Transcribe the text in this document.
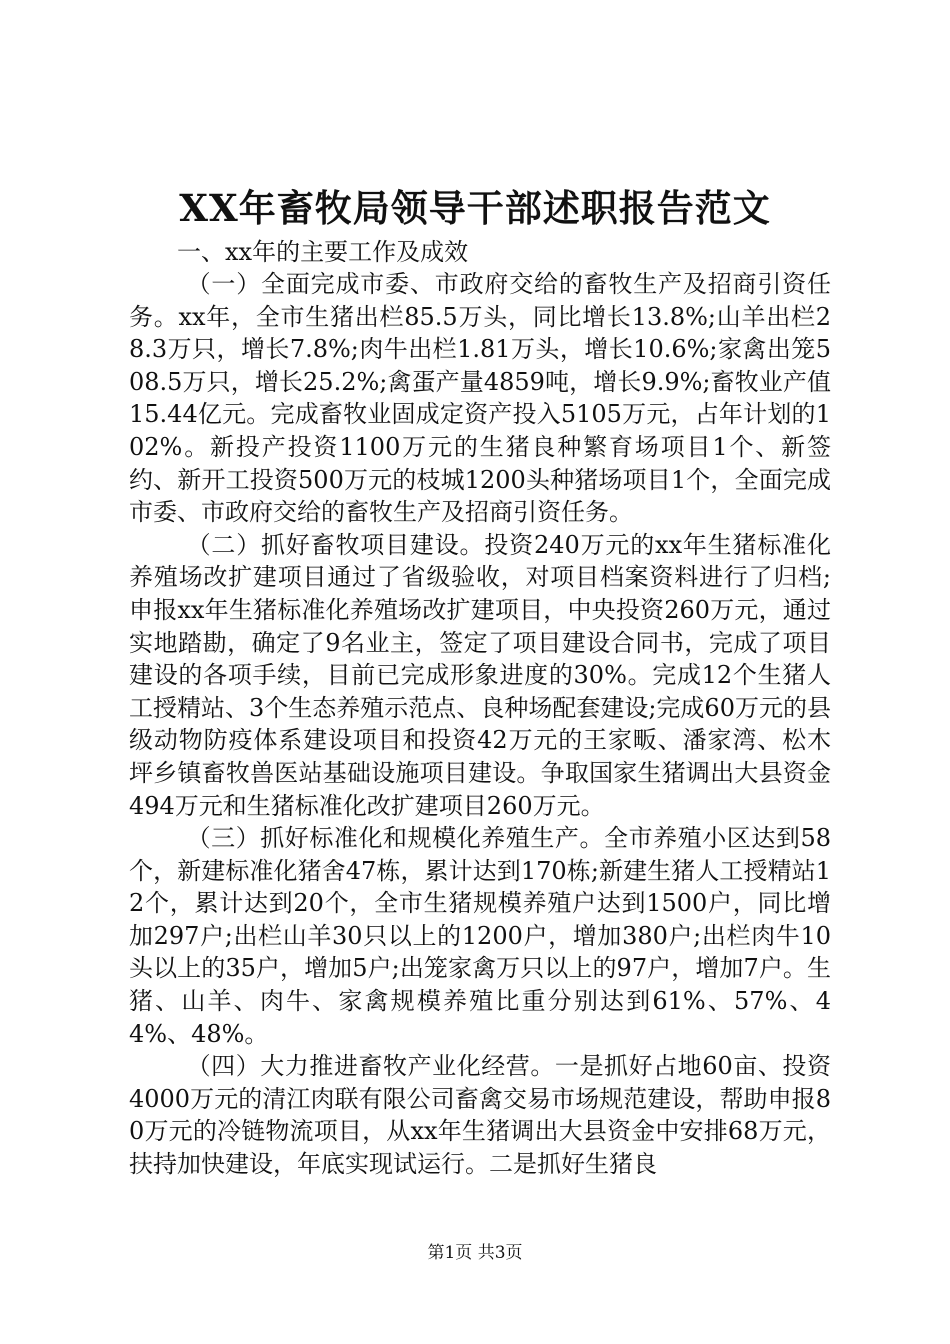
XX年畜牧局领导干部述职报告范文

一、xx年的主要工作及成效

（一）全面完成市委、市政府交给的畜牧生产及招商引资任务。xx年，全市生猪出栏85.5万头，同比增长13.8%;山羊出栏28.3万只，增长7.8%;肉牛出栏1.81万头，增长10.6%;家禽出笼508.5万只，增长25.2%;禽蛋产量4859吨，增长9.9%;畜牧业产值15.44亿元。完成畜牧业固成定资产投入5105万元，占年计划的102%。新投产投资1100万元的生猪良种繁育场项目1个、新签约、新开工投资500万元的枝城1200头种猪场项目1个，全面完成市委、市政府交给的畜牧生产及招商引资任务。

（二）抓好畜牧项目建设。投资240万元的xx年生猪标准化养殖场改扩建项目通过了省级验收，对项目档案资料进行了归档;申报xx年生猪标准化养殖场改扩建项目，中央投资260万元，通过实地踏勘，确定了9名业主，签定了项目建设合同书，完成了项目建设的各项手续，目前已完成形象进度的30%。完成12个生猪人工授精站、3个生态养殖示范点、良种场配套建设;完成60万元的县级动物防疫体系建设项目和投资42万元的王家畈、潘家湾、松木坪乡镇畜牧兽医站基础设施项目建设。争取国家生猪调出大县资金494万元和生猪标准化改扩建项目260万元。

（三）抓好标准化和规模化养殖生产。全市养殖小区达到58个，新建标准化猪舍47栋，累计达到170栋;新建生猪人工授精站12个，累计达到20个，全市生猪规模养殖户达到1500户，同比增加297户;出栏山羊30只以上的1200户，增加380户;出栏肉牛10头以上的35户，增加5户;出笼家禽万只以上的97户，增加7户。生猪、山羊、肉牛、家禽规模养殖比重分别达到61%、57%、44%、48%。

（四）大力推进畜牧产业化经营。一是抓好占地60亩、投资4000万元的清江肉联有限公司畜禽交易市场规范建设，帮助申报80万元的冷链物流项目，从xx年生猪调出大县资金中安排68万元，扶持加快建设，年底实现试运行。二是抓好生猪良

第1页 共3页
